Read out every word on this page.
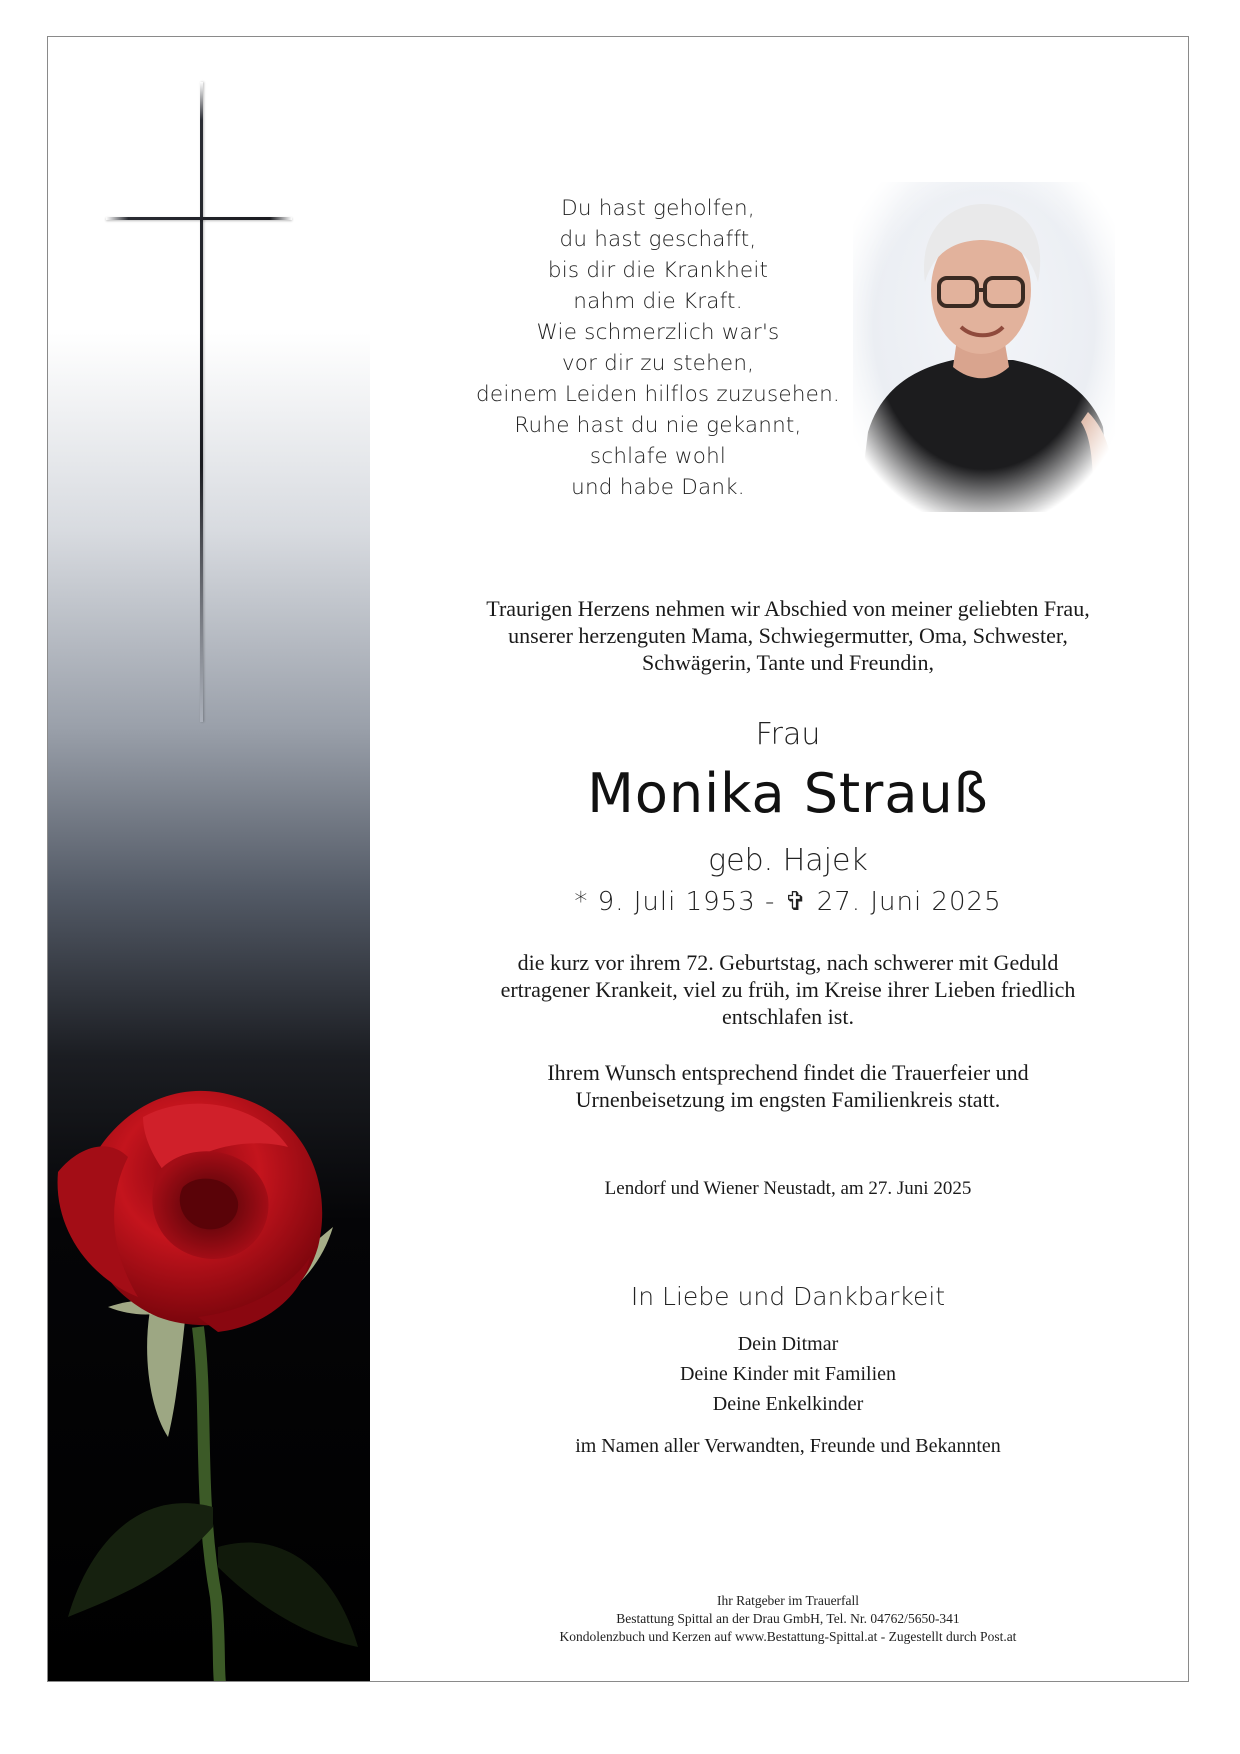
Du hast geholfen,
du hast geschafft,
bis dir die Krankheit
nahm die Kraft.
Wie schmerzlich war's
vor dir zu stehen,
deinem Leiden hilflos zuzusehen.
Ruhe hast du nie gekannt,
schlafe wohl
und habe Dank.
Traurigen Herzens nehmen wir Abschied von meiner geliebten Frau,
unserer herzenguten Mama, Schwiegermutter, Oma, Schwester,
Schwägerin, Tante und Freundin,
Frau
Monika Strauß
geb. Hajek
* 9. Juli 1953 - ✞ 27. Juni 2025
die kurz vor ihrem 72. Geburtstag, nach schwerer mit Geduld
ertragener Krankeit, viel zu früh, im Kreise ihrer Lieben friedlich
entschlafen ist.
Ihrem Wunsch entsprechend findet die Trauerfeier und
Urnenbeisetzung im engsten Familienkreis statt.
Lendorf und Wiener Neustadt, am 27. Juni 2025
In Liebe und Dankbarkeit
Dein Ditmar
Deine Kinder mit Familien
Deine Enkelkinder
im Namen aller Verwandten, Freunde und Bekannten
Ihr Ratgeber im Trauerfall
Bestattung Spittal an der Drau GmbH, Tel. Nr. 04762/5650-341
Kondolenzbuch und Kerzen auf www.Bestattung-Spittal.at - Zugestellt durch Post.at
